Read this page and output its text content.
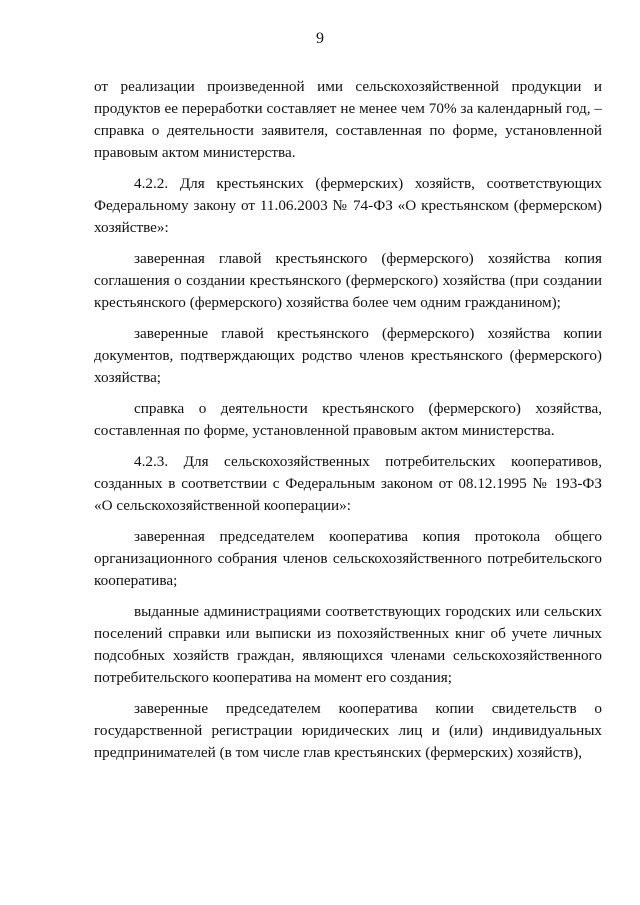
9

от реализации произведенной ими сельскохозяйственной продукции и продуктов ее переработки составляет не менее чем 70% за календарный год, – справка о деятельности заявителя, составленная по форме, установленной правовым актом министерства.

4.2.2. Для крестьянских (фермерских) хозяйств, соответствующих Федеральному закону от 11.06.2003 № 74-ФЗ «О крестьянском (фермерском) хозяйстве»:

заверенная главой крестьянского (фермерского) хозяйства копия соглашения о создании крестьянского (фермерского) хозяйства (при создании крестьянского (фермерского) хозяйства более чем одним гражданином);

заверенные главой крестьянского (фермерского) хозяйства копии документов, подтверждающих родство членов крестьянского (фермерского) хозяйства;

справка о деятельности крестьянского (фермерского) хозяйства, составленная по форме, установленной правовым актом министерства.

4.2.3. Для сельскохозяйственных потребительских кооперативов, созданных в соответствии с Федеральным законом от 08.12.1995 № 193-ФЗ «О сельскохозяйственной кооперации»:

заверенная председателем кооператива копия протокола общего организационного собрания членов сельскохозяйственного потребительского кооператива;

выданные администрациями соответствующих городских или сельских поселений справки или выписки из похозяйственных книг об учете личных подсобных хозяйств граждан, являющихся членами сельскохозяйственного потребительского кооператива на момент его создания;

заверенные председателем кооператива копии свидетельств о государственной регистрации юридических лиц и (или) индивидуальных предпринимателей (в том числе глав крестьянских (фермерских) хозяйств),
